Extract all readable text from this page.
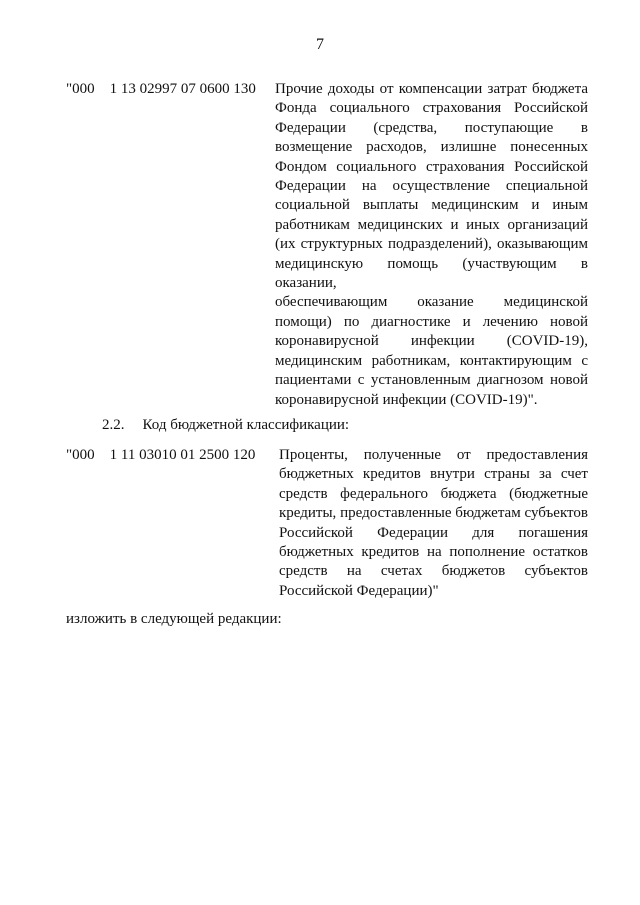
7
"000    1 13 02997 07 0600 130	Прочие доходы от компенсации затрат бюджета
Фонда социального страхования Российской
Федерации (средства, поступающие в
возмещение расходов, излишне понесенных
Фондом социального страхования Российской
Федерации на осуществление специальной
социальной выплаты медицинским и иным
работникам медицинских и иных организаций
(их структурных подразделений), оказывающим
медицинскую помощь (участвующим в оказании,
обеспечивающим оказание медицинской
помощи) по диагностике и лечению новой
коронавирусной инфекции (COVID-19),
медицинским работникам, контактирующим с
пациентами с установленным диагнозом новой
коронавирусной инфекции (COVID-19)".
2.2. Код бюджетной классификации:
"000    1 11 03010 01 2500 120	Проценты, полученные от предоставления
бюджетных кредитов внутри страны за счет
средств федерального бюджета (бюджетные
кредиты, предоставленные бюджетам субъектов
Российской Федерации для погашения
бюджетных кредитов на пополнение остатков
средств на счетах бюджетов субъектов
Российской Федерации)"
изложить в следующей редакции:
